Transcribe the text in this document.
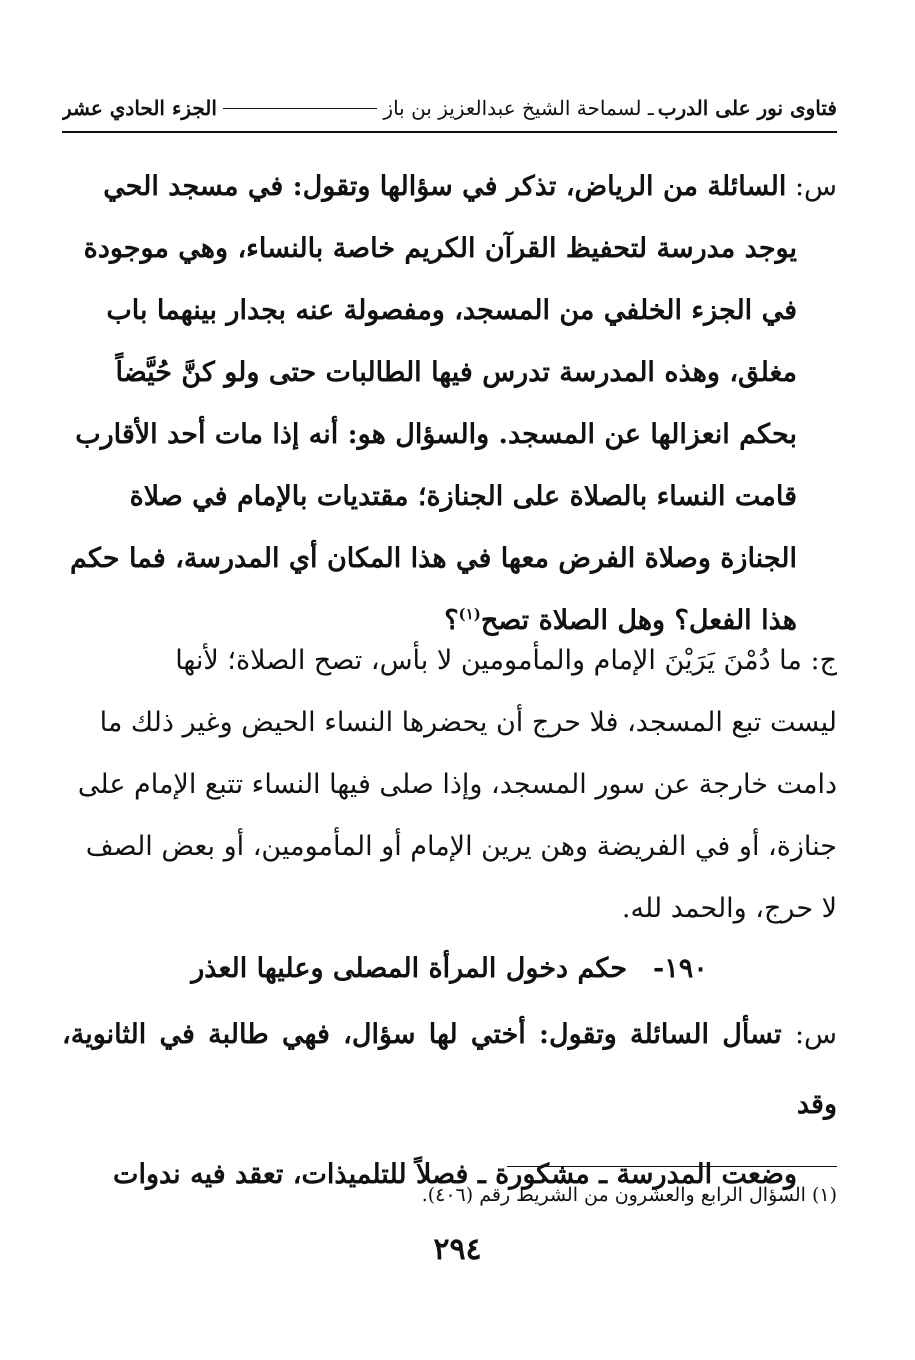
فتاوى نور على الدرب
ـ لسماحة الشيخ عبدالعزيز بن باز
الجزء الحادي عشر
س: السائلة من الرياض، تذكر في سؤالها وتقول: في مسجد الحي
يوجد مدرسة لتحفيظ القرآن الكريم خاصة بالنساء، وهي موجودة
في الجزء الخلفي من المسجد، ومفصولة عنه بجدار بينهما باب
مغلق، وهذه المدرسة تدرس فيها الطالبات حتى ولو كنَّ حُيَّضاً
بحكم انعزالها عن المسجد. والسؤال هو: أنه إذا مات أحد الأقارب
قامت النساء بالصلاة على الجنازة؛ مقتديات بالإمام في صلاة
الجنازة وصلاة الفرض معها في هذا المكان أي المدرسة، فما حكم
هذا الفعل؟ وهل الصلاة تصح$^{(١)}$؟
ج: ما دُمْنَ يَرَيْنَ الإمام والمأمومين لا بأس، تصح الصلاة؛ لأنها
ليست تبع المسجد، فلا حرج أن يحضرها النساء الحيض وغير ذلك ما
دامت خارجة عن سور المسجد، وإذا صلى فيها النساء تتبع الإمام على
جنازة، أو في الفريضة وهن يرين الإمام أو المأمومين، أو بعض الصف
لا حرج، والحمد لله.
١٩٠-حكم دخول المرأة المصلى وعليها العذر
س: تسأل السائلة وتقول: أختي لها سؤال، فهي طالبة في الثانوية، وقد
وضعت المدرسة ـ مشكورة ـ فصلاً للتلميذات، تعقد فيه ندوات
(١) السؤال الرابع والعشرون من الشريط رقم (٤٠٦).
٢٩٤
